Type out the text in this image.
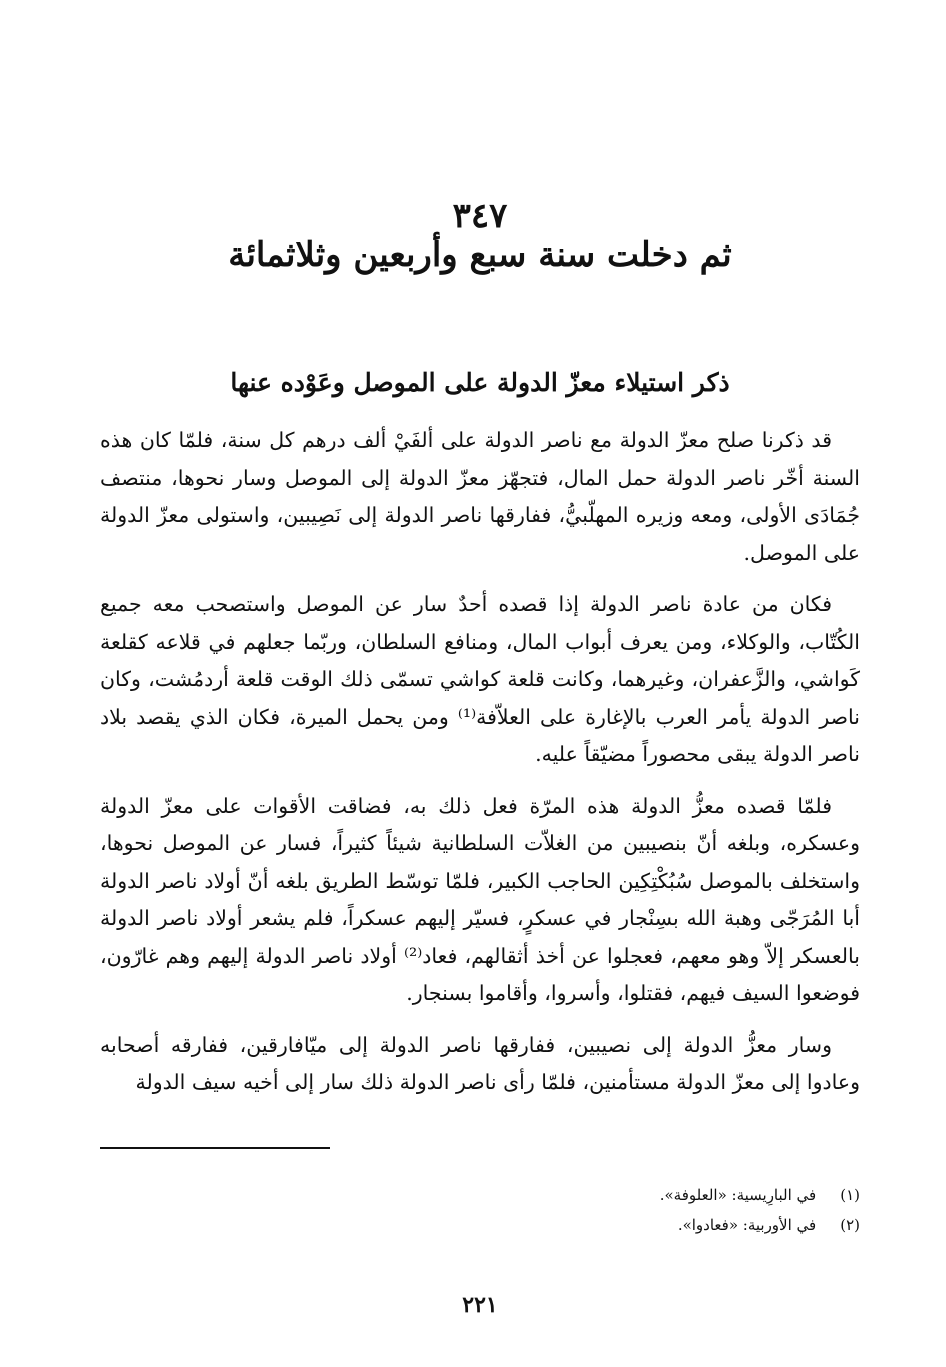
٣٤٧
ثم دخلت سنة سبع وأربعين وثلاثمائة
ذكر استيلاء معزّ الدولة على الموصل وعَوْده عنها

قد ذكرنا صلح معزّ الدولة مع ناصر الدولة على ألفَيْ ألف درهم كل سنة، فلمّا كان هذه السنة أخّر ناصر الدولة حمل المال، فتجهّز معزّ الدولة إلى الموصل وسار نحوها، منتصف جُمَادَى الأولى، ومعه وزيره المهلّبيُّ، ففارقها ناصر الدولة إلى نَصِيبين، واستولى معزّ الدولة على الموصل.

فكان من عادة ناصر الدولة إذا قصده أحدٌ سار عن الموصل واستصحب معه جميع الكُتّاب، والوكلاء، ومن يعرف أبواب المال، ومنافع السلطان، وربّما جعلهم في قلاعه كقلعة كَواشي، والزَّعفران، وغيرهما، وكانت قلعة كواشي تسمّى ذلك الوقت قلعة أردمُشت، وكان ناصر الدولة يأمر العرب بالإغارة على العلاّفة⁽¹⁾ ومن يحمل الميرة، فكان الذي يقصد بلاد ناصر الدولة يبقى محصوراً مضيّقاً عليه.

فلمّا قصده معزُّ الدولة هذه المرّة فعل ذلك به، فضاقت الأقوات على معزّ الدولة وعسكره، وبلغه أنّ بنصيبين من الغلاّت السلطانية شيئاً كثيراً، فسار عن الموصل نحوها، واستخلف بالموصل سُبُكْتِكِين الحاجب الكبير، فلمّا توسّط الطريق بلغه أنّ أولاد ناصر الدولة أبا المُرَجّى وهبة الله بسِنْجار في عسكرٍ، فسيّر إليهم عسكراً، فلم يشعر أولاد ناصر الدولة بالعسكر إلاّ وهو معهم، فعجلوا عن أخذ أثقالهم، فعاد⁽²⁾ أولاد ناصر الدولة إليهم وهم غارّون، فوضعوا السيف فيهم، فقتلوا، وأسروا، وأقاموا بسنجار.

وسار معزُّ الدولة إلى نصيبين، ففارقها ناصر الدولة إلى ميّافارقين، ففارقه أصحابه وعادوا إلى معزّ الدولة مستأمنين، فلمّا رأى ناصر الدولة ذلك سار إلى أخيه سيف الدولة

(١)
في البارِيسية: «العلوفة».
(٢)
في الأوربية: «فعادوا».
٢٢١
